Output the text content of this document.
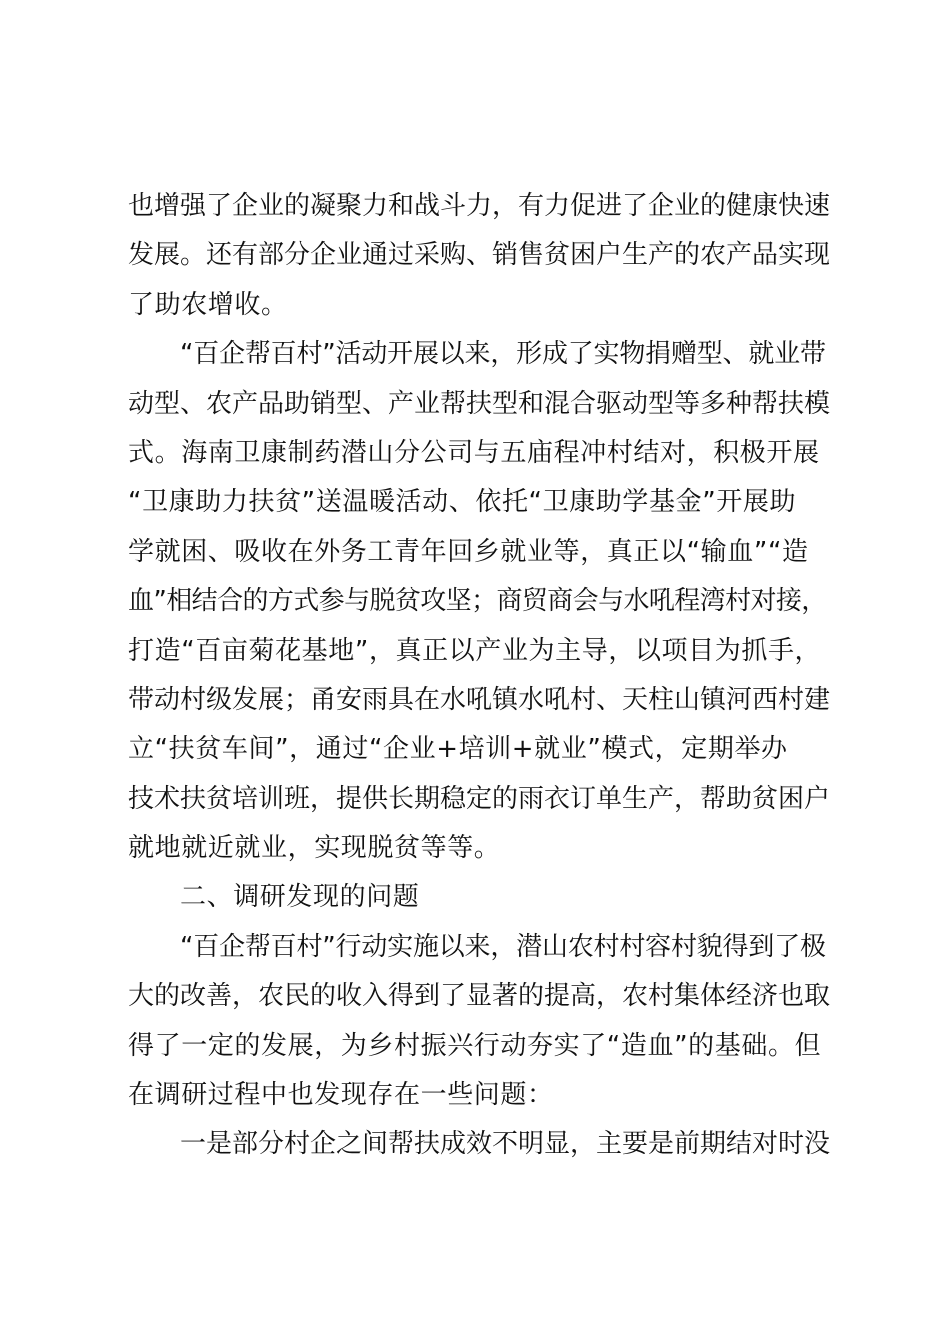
也增强了企业的凝聚力和战斗力，有力促进了企业的健康快速
发展。还有部分企业通过采购、销售贫困户生产的农产品实现
了助农增收。
“百企帮百村”活动开展以来，形成了实物捐赠型、就业带
动型、农产品助销型、产业帮扶型和混合驱动型等多种帮扶模
式。海南卫康制药潜山分公司与五庙程冲村结对，积极开展
“卫康助力扶贫”送温暖活动、依托“卫康助学基金”开展助
学就困、吸收在外务工青年回乡就业等，真正以“输血”“造
血”相结合的方式参与脱贫攻坚；商贸商会与水吼程湾村对接，
打造“百亩菊花基地”，真正以产业为主导，以项目为抓手，
带动村级发展；甬安雨具在水吼镇水吼村、天柱山镇河西村建
立“扶贫车间”，通过“企业+培训+就业”模式，定期举办
技术扶贫培训班，提供长期稳定的雨衣订单生产，帮助贫困户
就地就近就业，实现脱贫等等。
二、调研发现的问题
“百企帮百村”行动实施以来，潜山农村村容村貌得到了极
大的改善，农民的收入得到了显著的提高，农村集体经济也取
得了一定的发展，为乡村振兴行动夯实了“造血”的基础。但
在调研过程中也发现存在一些问题：
一是部分村企之间帮扶成效不明显，主要是前期结对时没
